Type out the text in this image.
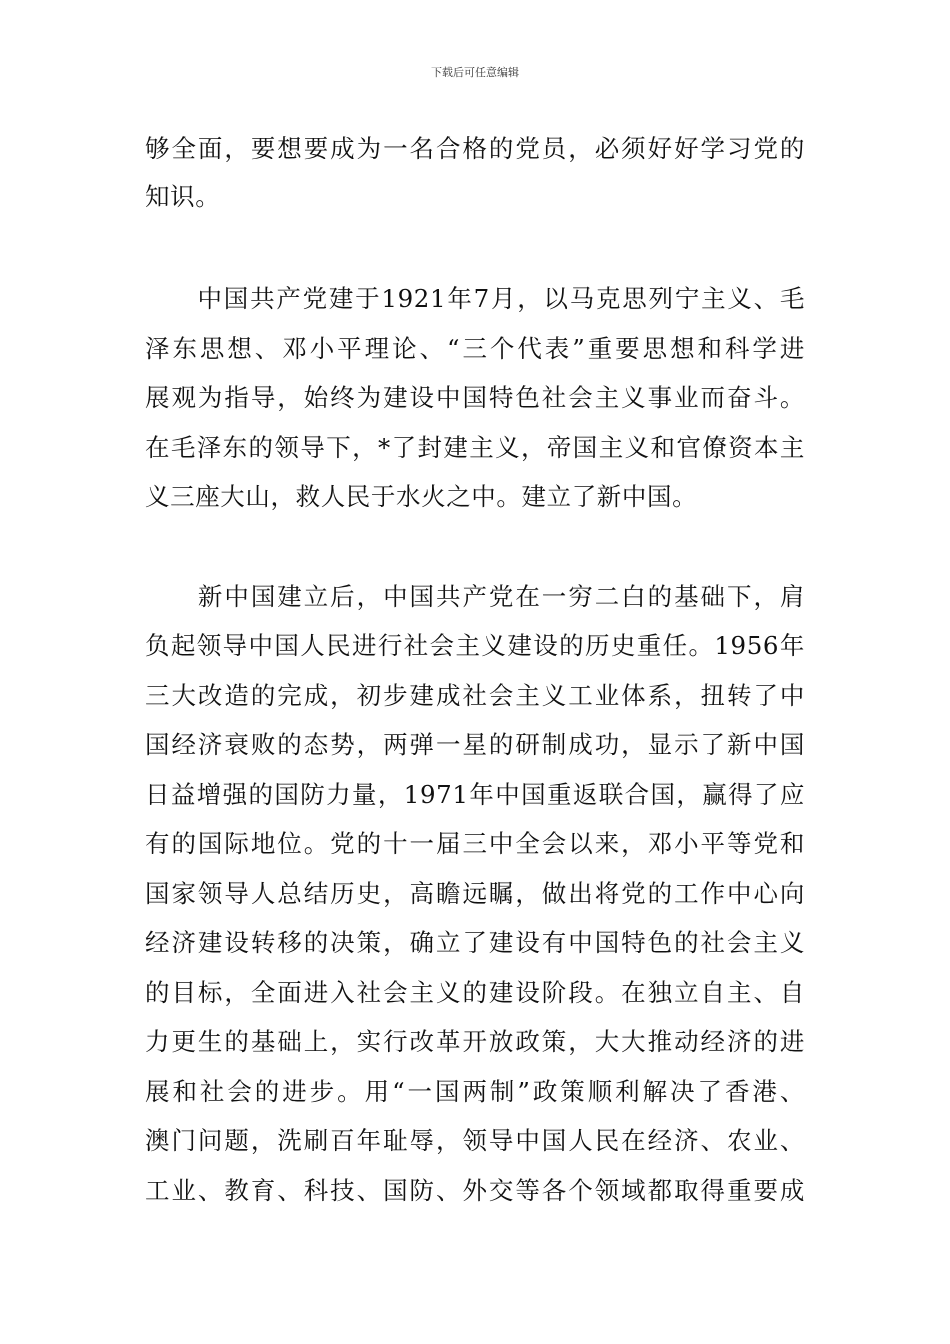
下载后可任意编辑
够全面，要想要成为一名合格的党员，必须好好学习党的
知识。
　　中国共产党建于1921年7月，以马克思列宁主义、毛
泽东思想、邓小平理论、“三个代表”重要思想和科学进
展观为指导，始终为建设中国特色社会主义事业而奋斗。
在毛泽东的领导下，*了封建主义，帝国主义和官僚资本主
义三座大山，救人民于水火之中。建立了新中国。
　　新中国建立后，中国共产党在一穷二白的基础下，肩
负起领导中国人民进行社会主义建设的历史重任。1956年
三大改造的完成，初步建成社会主义工业体系，扭转了中
国经济衰败的态势，两弹一星的研制成功，显示了新中国
日益增强的国防力量，1971年中国重返联合国，赢得了应
有的国际地位。党的十一届三中全会以来，邓小平等党和
国家领导人总结历史，高瞻远瞩，做出将党的工作中心向
经济建设转移的决策，确立了建设有中国特色的社会主义
的目标，全面进入社会主义的建设阶段。在独立自主、自
力更生的基础上，实行改革开放政策，大大推动经济的进
展和社会的进步。用“一国两制”政策顺利解决了香港、
澳门问题，洗刷百年耻辱，领导中国人民在经济、农业、
工业、教育、科技、国防、外交等各个领域都取得重要成
